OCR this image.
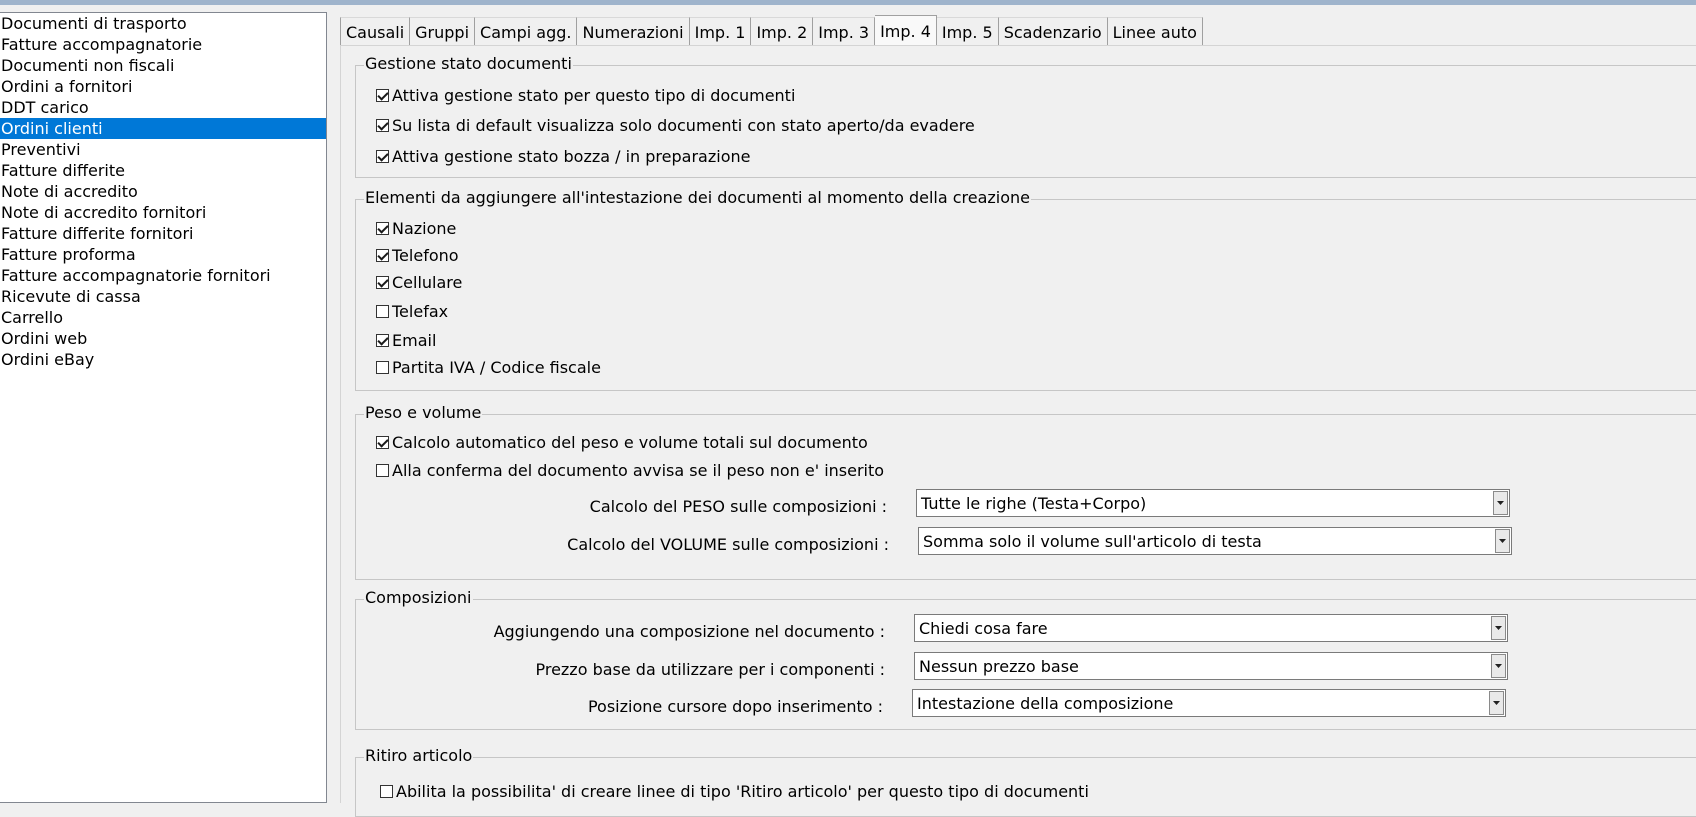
Documenti di trasporto
Fatture accompagnatorie
Documenti non fiscali
Ordini a fornitori
DDT carico
Ordini clienti
Preventivi
Fatture differite
Note di accredito
Note di accredito fornitori
Fatture differite fornitori
Fatture proforma
Fatture accompagnatorie fornitori
Ricevute di cassa
Carrello
Ordini web
Ordini eBay
Causali Gruppi Campi agg. Numerazioni Imp. 1 Imp. 2 Imp. 3 Imp. 4 Imp. 5 Scadenzario Linee auto
Gestione stato documenti
Attiva gestione stato per questo tipo di documenti
Su lista di default visualizza solo documenti con stato aperto/da evadere
Attiva gestione stato bozza / in preparazione
Elementi da aggiungere all'intestazione dei documenti al momento della creazione
Nazione
Telefono
Cellulare
Telefax
Email
Partita IVA / Codice fiscale
Peso e volume
Calcolo automatico del peso e volume totali sul documento
Alla conferma del documento avvisa se il peso non e' inserito
Calcolo del PESO sulle composizioni : Tutte le righe (Testa+Corpo)
Calcolo del VOLUME sulle composizioni : Somma solo il volume sull'articolo di testa
Composizioni
Aggiungendo una composizione nel documento : Chiedi cosa fare
Prezzo base da utilizzare per i componenti : Nessun prezzo base
Posizione cursore dopo inserimento : Intestazione della composizione
Ritiro articolo
Abilita la possibilita' di creare linee di tipo 'Ritiro articolo' per questo tipo di documenti
